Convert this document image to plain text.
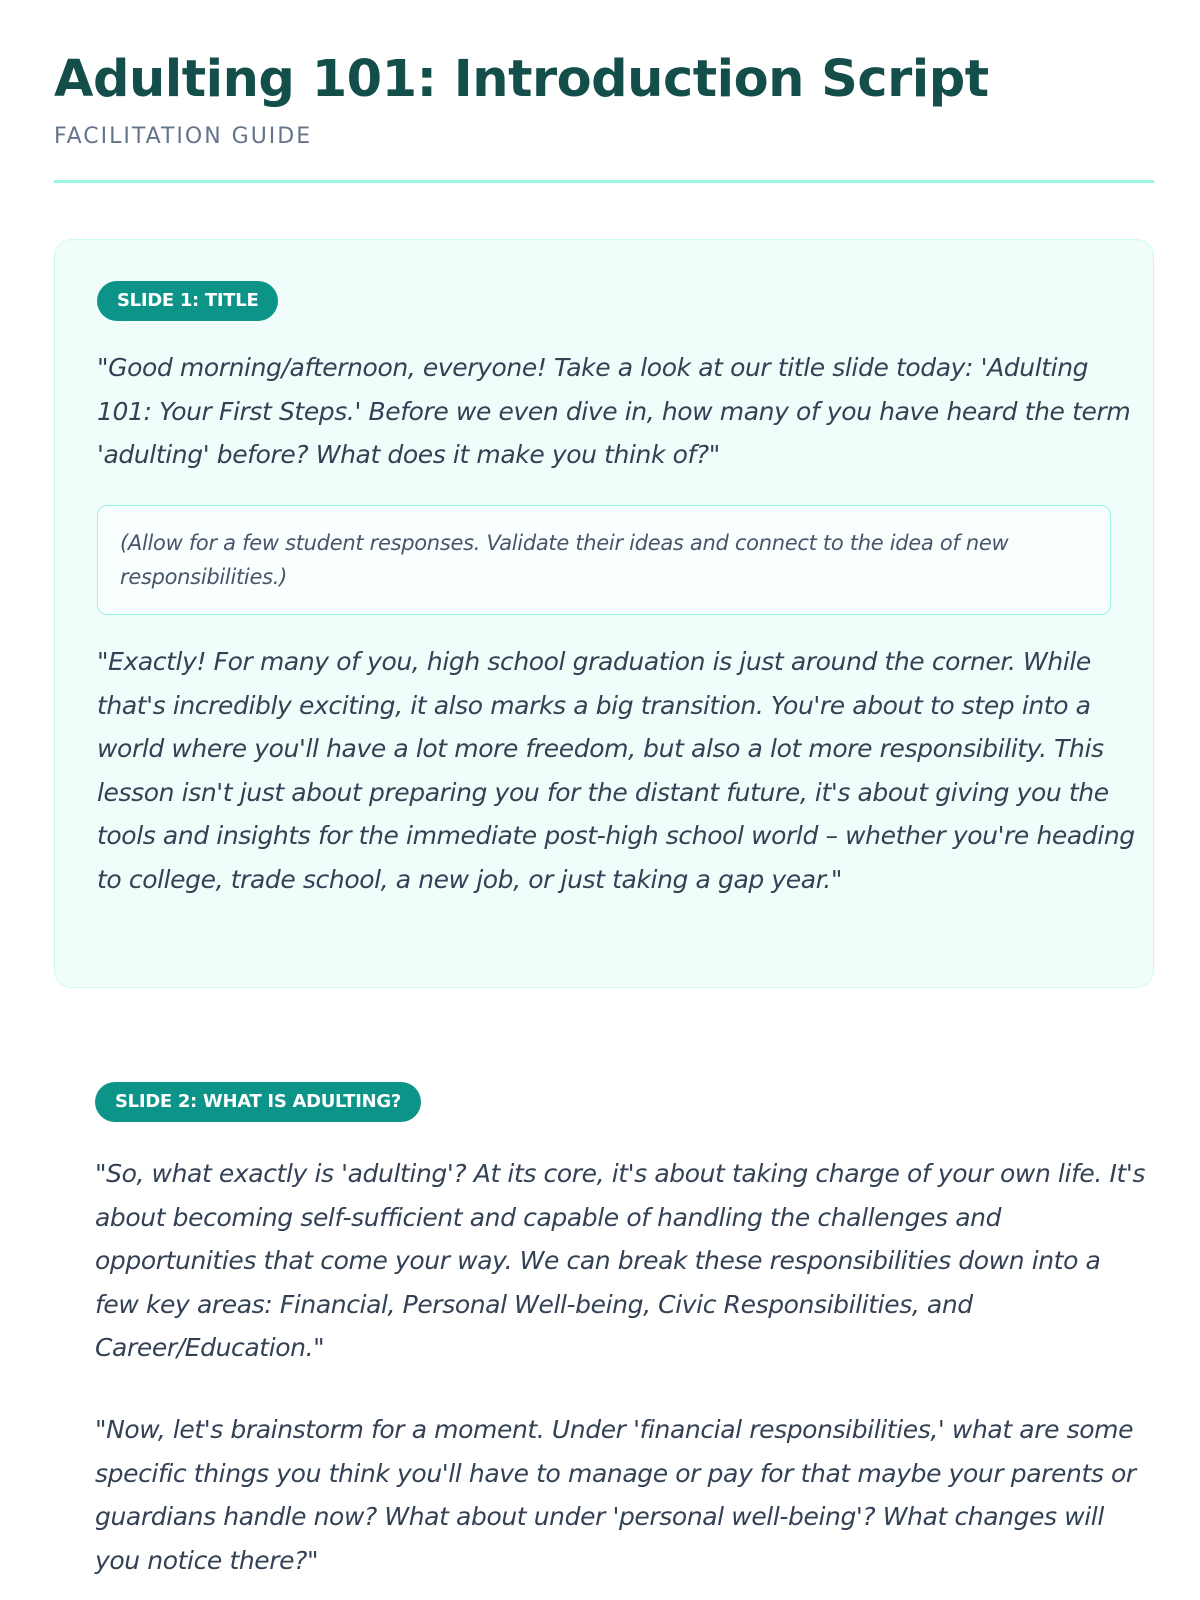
Adulting 101: Introduction Script
FACILITATION GUIDE
SLIDE 1: TITLE

"Good morning/afternoon, everyone! Take a look at our title slide today: 'Adulting 101: Your First Steps.' Before we even dive in, how many of you have heard the term 'adulting' before? What does it make you think of?"

(Allow for a few student responses. Validate their ideas and connect to the idea of new responsibilities.)

"Exactly! For many of you, high school graduation is just around the corner. While that's incredibly exciting, it also marks a big transition. You're about to step into a world where you'll have a lot more freedom, but also a lot more responsibility. This lesson isn't just about preparing you for the distant future, it's about giving you the tools and insights for the immediate post-high school world – whether you're heading to college, trade school, a new job, or just taking a gap year."

SLIDE 2: WHAT IS ADULTING?

"So, what exactly is 'adulting'? At its core, it's about taking charge of your own life. It's about becoming self-sufficient and capable of handling the challenges and opportunities that come your way. We can break these responsibilities down into a few key areas: Financial, Personal Well-being, Civic Responsibilities, and Career/Education."

"Now, let's brainstorm for a moment. Under 'financial responsibilities,' what are some specific things you think you'll have to manage or pay for that maybe your parents or guardians handle now? What about under 'personal well-being'? What changes will you notice there?"
